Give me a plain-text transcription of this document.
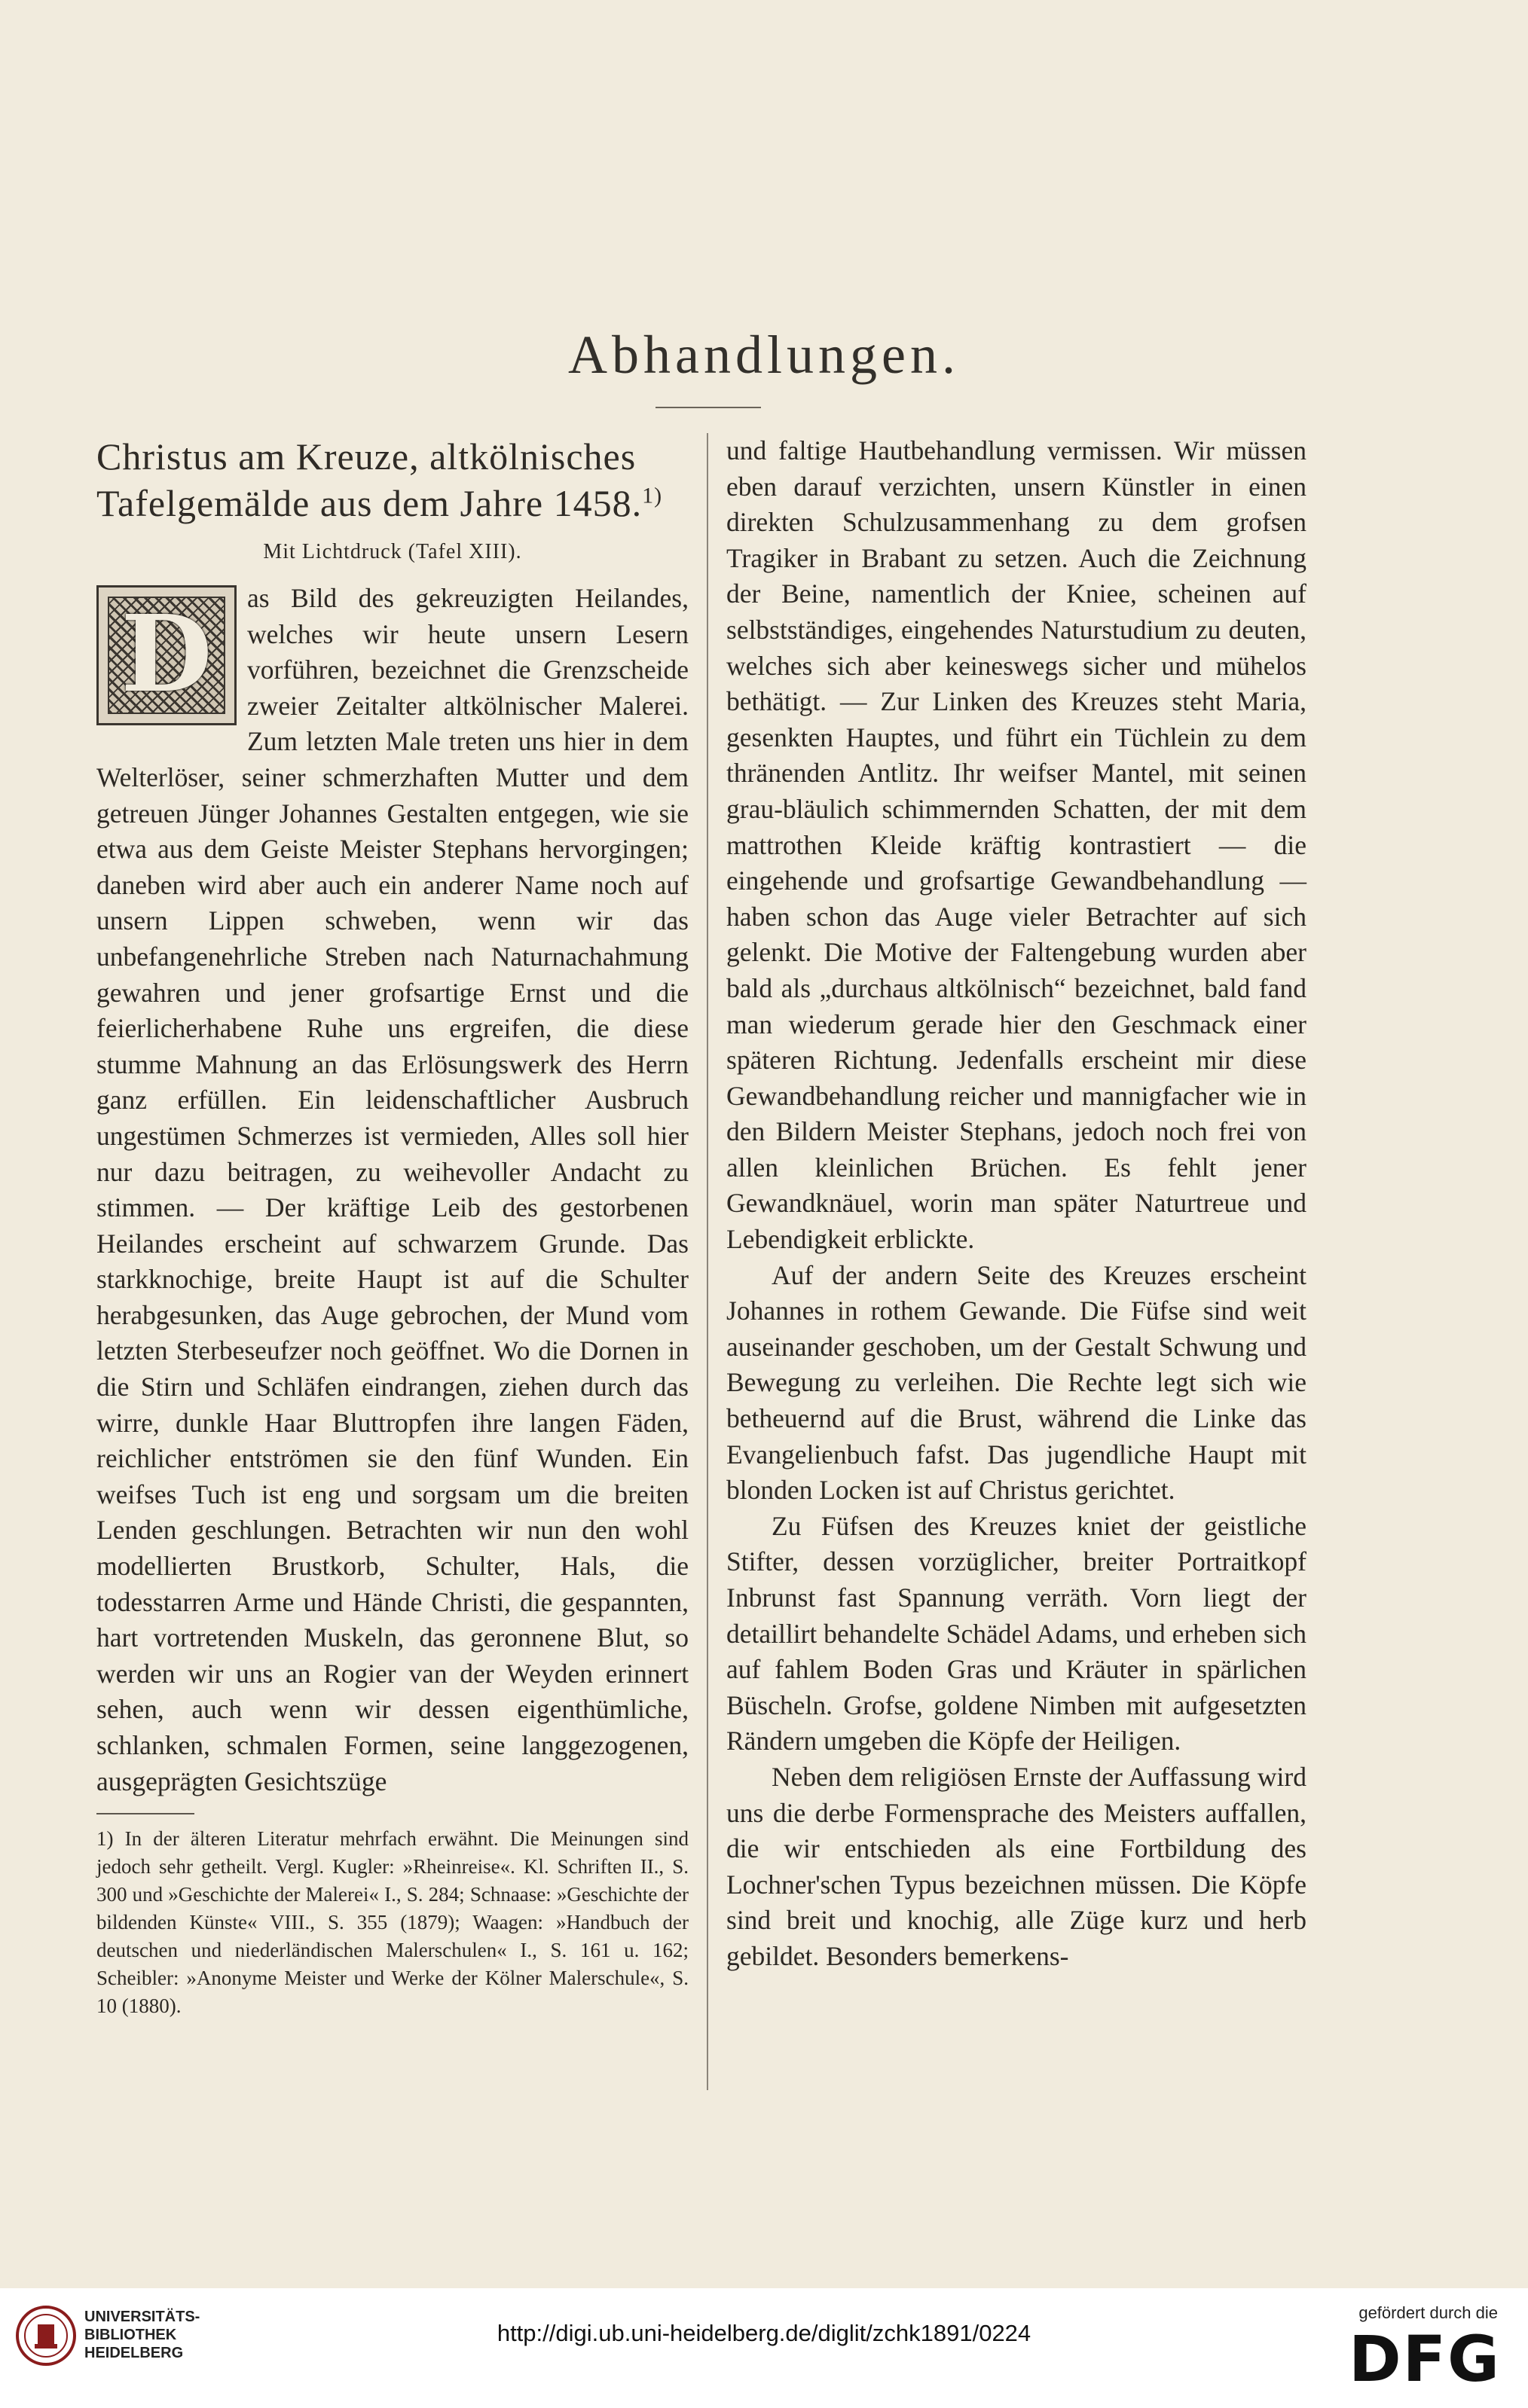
Abhandlungen.
Christus am Kreuze, altkölnisches Tafelgemälde aus dem Jahre 1458.$^{1)}$
Mit Lichtdruck (Tafel XIII).
D	as Bild des gekreuzigten Heilandes, welches wir heute unsern Lesern vorführen, bezeichnet die Grenzscheide zweier Zeitalter altkölnischer Malerei. Zum letzten Male treten uns hier in dem Welterlöser, seiner schmerzhaften Mutter und dem getreuen Jünger Johannes Gestalten entgegen, wie sie etwa aus dem Geiste Meister Stephans hervorgingen; daneben wird aber auch ein anderer Name noch auf unsern Lippen schweben, wenn wir das unbefangenehrliche Streben nach Naturnachahmung gewahren und jener grofsartige Ernst und die feierlicherhabene Ruhe uns ergreifen, die diese stumme Mahnung an das Erlösungswerk des Herrn ganz erfüllen. Ein leidenschaftlicher Ausbruch ungestümen Schmerzes ist vermieden, Alles soll hier nur dazu beitragen, zu weihevoller Andacht zu stimmen. — Der kräftige Leib des gestorbenen Heilandes erscheint auf schwarzem Grunde. Das starkknochige, breite Haupt ist auf die Schulter herabgesunken, das Auge gebrochen, der Mund vom letzten Sterbeseufzer noch geöffnet. Wo die Dornen in die Stirn und Schläfen eindrangen, ziehen durch das wirre, dunkle Haar Bluttropfen ihre langen Fäden, reichlicher entströmen sie den fünf Wunden. Ein weifses Tuch ist eng und sorgsam um die breiten Lenden geschlungen. Betrachten wir nun den wohl modellierten Brustkorb, Schulter, Hals, die todesstarren Arme und Hände Christi, die gespannten, hart vortretenden Muskeln, das geronnene Blut, so werden wir uns an Rogier van der Weyden erinnert sehen, auch wenn wir dessen eigenthümliche, schlanken, schmalen Formen, seine langgezogenen, ausgeprägten Gesichtszüge

1) In der älteren Literatur mehrfach erwähnt. Die Meinungen sind jedoch sehr getheilt. Vergl. Kugler: »Rheinreise«. Kl. Schriften II., S. 300 und »Geschichte der Malerei« I., S. 284; Schnaase: »Geschichte der bildenden Künste« VIII., S. 355 (1879); Waagen: »Handbuch der deutschen und niederländischen Malerschulen« I., S. 161 u. 162; Scheibler: »Anonyme Meister und Werke der Kölner Malerschule«, S. 10 (1880).

und faltige Hautbehandlung vermissen. Wir müssen eben darauf verzichten, unsern Künstler in einen direkten Schulzusammenhang zu dem grofsen Tragiker in Brabant zu setzen. Auch die Zeichnung der Beine, namentlich der Kniee, scheinen auf selbstständiges, eingehendes Naturstudium zu deuten, welches sich aber keineswegs sicher und mühelos bethätigt. — Zur Linken des Kreuzes steht Maria, gesenkten Hauptes, und führt ein Tüchlein zu dem thränenden Antlitz. Ihr weifser Mantel, mit seinen grau-bläulich schimmernden Schatten, der mit dem mattrothen Kleide kräftig kontrastiert — die eingehende und grofsartige Gewandbehandlung — haben schon das Auge vieler Betrachter auf sich gelenkt. Die Motive der Faltengebung wurden aber bald als „durchaus altkölnisch“ bezeichnet, bald fand man wiederum gerade hier den Geschmack einer späteren Richtung. Jedenfalls erscheint mir diese Gewandbehandlung reicher und mannigfacher wie in den Bildern Meister Stephans, jedoch noch frei von allen kleinlichen Brüchen. Es fehlt jener Gewandknäuel, worin man später Naturtreue und Lebendigkeit erblickte.

Auf der andern Seite des Kreuzes erscheint Johannes in rothem Gewande. Die Füfse sind weit auseinander geschoben, um der Gestalt Schwung und Bewegung zu verleihen. Die Rechte legt sich wie betheuernd auf die Brust, während die Linke das Evangelienbuch fafst. Das jugendliche Haupt mit blonden Locken ist auf Christus gerichtet.

Zu Füfsen des Kreuzes kniet der geistliche Stifter, dessen vorzüglicher, breiter Portraitkopf Inbrunst fast Spannung verräth. Vorn liegt der detaillirt behandelte Schädel Adams, und erheben sich auf fahlem Boden Gras und Kräuter in spärlichen Büscheln. Grofse, goldene Nimben mit aufgesetzten Rändern umgeben die Köpfe der Heiligen.

Neben dem religiösen Ernste der Auffassung wird uns die derbe Formensprache des Meisters auffallen, die wir entschieden als eine Fortbildung des Lochner'schen Typus bezeichnen müssen. Die Köpfe sind breit und knochig, alle Züge kurz und herb gebildet. Besonders bemerkens-

UNIVERSITÄTS-
BIBLIOTHEK
HEIDELBERG
http://digi.ub.uni-heidelberg.de/diglit/zchk1891/0224
gefördert durch die
DFG
